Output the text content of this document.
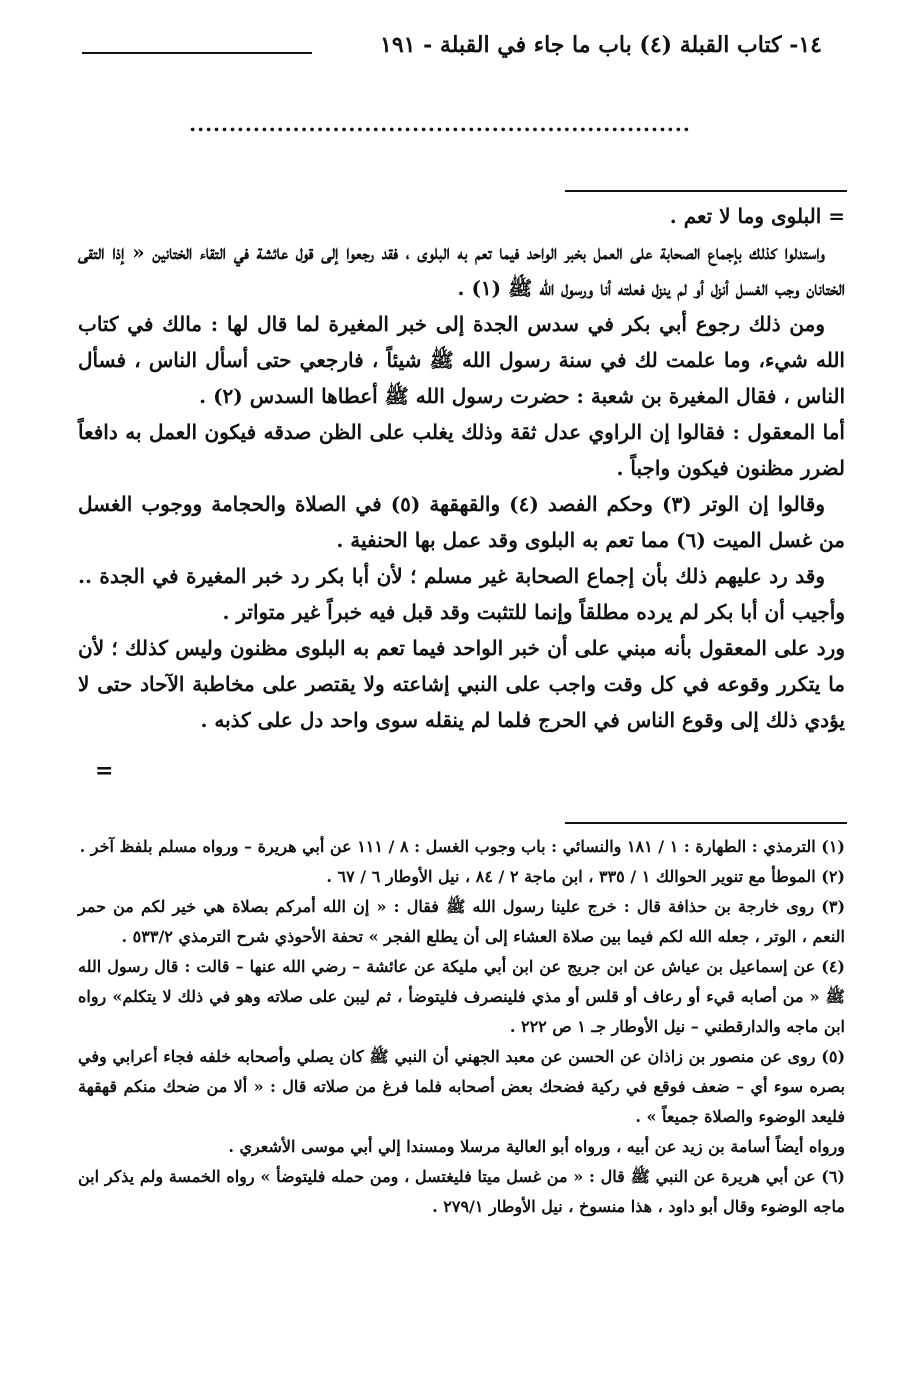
١٤- كتاب القبلة (٤) باب ما جاء في القبلة - ١٩١
...............................................................

= البلوى وما لا تعم .

واستدلوا كذلك بإجماع الصحابة على العمل بخبر الواحد فيما تعم به البلوى ، فقد رجعوا إلى قول عائشة في التقاء الختانين « إذا التقى الختانان وجب الغسل أنزل أو لم ينزل فعلته أنا ورسول الله ﷺ (١) .

ومن ذلك رجوع أبي بكر في سدس الجدة إلى خبر المغيرة لما قال لها : مالك في كتاب الله شيء، وما علمت لك في سنة رسول الله ﷺ شيئاً ، فارجعي حتى أسأل الناس ، فسأل الناس ، فقال المغيرة بن شعبة : حضرت رسول الله ﷺ أعطاها السدس (٢) .

أما المعقول : فقالوا إن الراوي عدل ثقة وذلك يغلب على الظن صدقه فيكون العمل به دافعاً لضرر مظنون فيكون واجباً .

وقالوا إن الوتر (٣) وحكم الفصد (٤) والقهقهة (٥) في الصلاة والحجامة ووجوب الغسل من غسل الميت (٦) مما تعم به البلوى وقد عمل بها الحنفية .

وقد رد عليهم ذلك بأن إجماع الصحابة غير مسلم ؛ لأن أبا بكر رد خبر المغيرة في الجدة .. وأجيب أن أبا بكر لم يرده مطلقاً وإنما للتثبت وقد قبل فيه خبراً غير متواتر .

ورد على المعقول بأنه مبني على أن خبر الواحد فيما تعم به البلوى مظنون وليس كذلك ؛ لأن ما يتكرر وقوعه في كل وقت واجب على النبي إشاعته ولا يقتصر على مخاطبة الآحاد حتى لا يؤدي ذلك إلى وقوع الناس في الحرج فلما لم ينقله سوى واحد دل على كذبه .

=

(١) الترمذي : الطهارة : ١ / ١٨١ والنسائي : باب وجوب الغسل : ٨ / ١١١ عن أبي هريرة – ورواه مسلم بلفظ آخر .

(٢) الموطأ مع تنوير الحوالك ١ / ٣٣٥ ، ابن ماجة ٢ / ٨٤ ، نيل الأوطار ٦ / ٦٧ .

(٣) روى خارجة بن حذافة قال : خرج علينا رسول الله ﷺ فقال : « إن الله أمركم بصلاة هي خير لكم من حمر النعم ، الوتر ، جعله الله لكم فيما بين صلاة العشاء إلى أن يطلع الفجر » تحفة الأحوذي شرح الترمذي ٥٣٣/٢ .

(٤) عن إسماعيل بن عياش عن ابن جريج عن ابن أبي مليكة عن عائشة – رضي الله عنها – قالت : قال رسول الله ﷺ « من أصابه قيء أو رعاف أو قلس أو مذي فلينصرف فليتوضأ ، ثم ليبن على صلاته وهو في ذلك لا يتكلم» رواه ابن ماجه والدارقطني – نيل الأوطار جـ ١ ص ٢٢٢ .

(٥) روى عن منصور بن زاذان عن الحسن عن معبد الجهني أن النبي ﷺ كان يصلي وأصحابه خلفه فجاء أعرابي وفي بصره سوء أي – ضعف فوقع في ركية فضحك بعض أصحابه فلما فرغ من صلاته قال : « ألا من ضحك منكم قهقهة فليعد الوضوء والصلاة جميعاً » .

ورواه أيضاً أسامة بن زيد عن أبيه ، ورواه أبو العالية مرسلا ومسندا إلي أبي موسى الأشعري .

(٦) عن أبي هريرة عن النبي ﷺ قال : « من غسل ميتا فليغتسل ، ومن حمله فليتوضأ » رواه الخمسة ولم يذكر ابن ماجه الوضوء وقال أبو داود ، هذا منسوخ ، نيل الأوطار ٢٧٩/١ .
